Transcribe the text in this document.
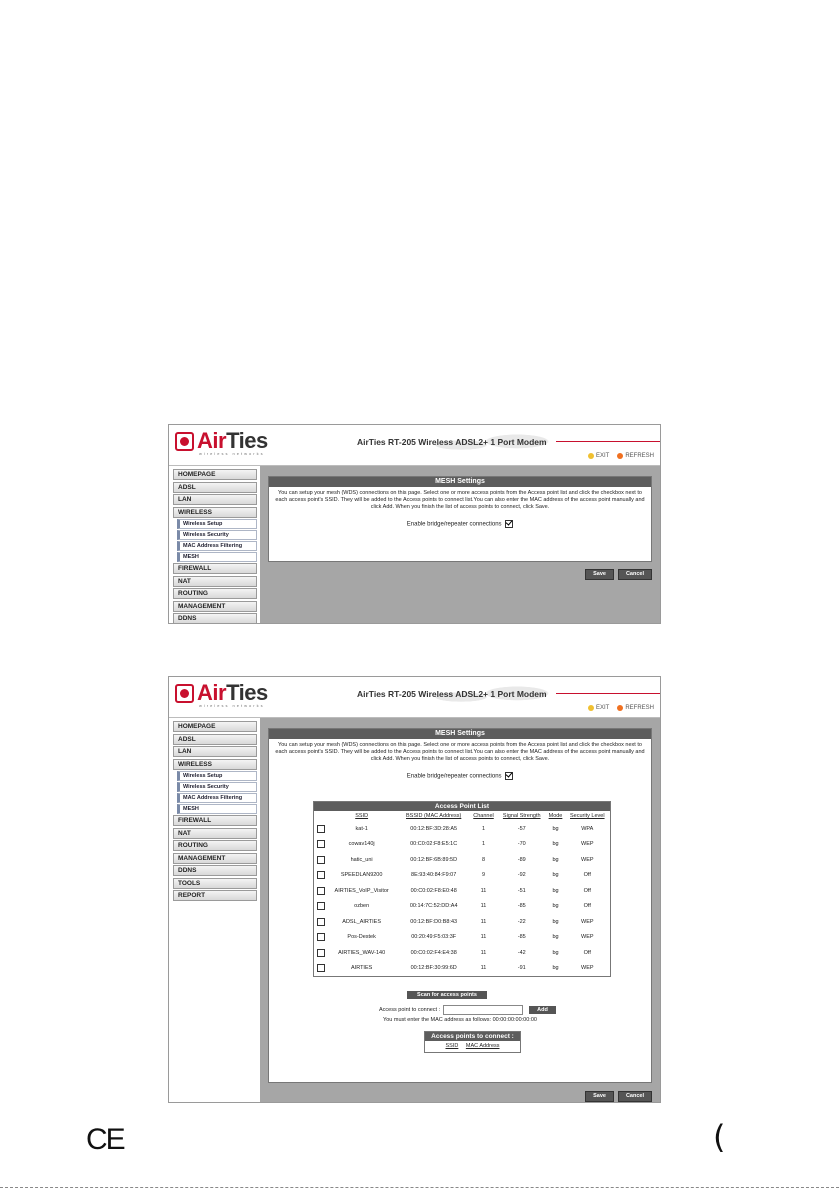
AirTies
wireless networks
AirTies RT-205 Wireless ADSL2+ 1 Port Modem
EXIT	REFRESH
HOMEPAGE
ADSL
LAN
WIRELESS
Wireless Setup
Wireless Security
MAC Address Filtering
MESH
FIREWALL
NAT
ROUTING
MANAGEMENT
DDNS
MESH Settings
You can setup your mesh (WDS) connections on this page. Select one or more access points from the Access point list and click the checkbox next to each access point's SSID. They will be added to the Access points to connect list.You can also enter the MAC address of the access point manually and click Add. When you finish the list of access points to connect, click Save.
Enable bridge/repeater connections
Save	Cancel
AirTies
wireless networks
AirTies RT-205 Wireless ADSL2+ 1 Port Modem
EXIT	REFRESH
HOMEPAGE
ADSL
LAN
WIRELESS
Wireless Setup
Wireless Security
MAC Address Filtering
MESH
FIREWALL
NAT
ROUTING
MANAGEMENT
DDNS
TOOLS
REPORT
MESH Settings
You can setup your mesh (WDS) connections on this page. Select one or more access points from the Access point list and click the checkbox next to each access point's SSID. They will be added to the Access points to connect list.You can also enter the MAC address of the access point manually and click Add. When you finish the list of access points to connect, click Save.
Enable bridge/repeater connections
Access Point List
	SSID	BSSID (MAC Address)	Channel	Signal Strength	Mode	Security Level
	kat-1	00:12:BF:3D:28:A5	1	-57	bg	WPA
	cowav140j	00:C0:02:F8:E5:1C	1	-70	bg	WEP
	hatic_uni	00:12:BF:6B:89:5D	8	-89	bg	WEP
	SPEEDLAN9200	8E:93:40:84:F9:07	9	-92	bg	Off
	AIRTIES_VoIP_Visitor	00:C0:02:F8:E0:48	11	-51	bg	Off
	ozben	00:14:7C:52:DD:A4	11	-85	bg	Off
	ADSL_AIRTIES	00:12:BF:D0:B8:43	11	-22	bg	WEP
	Pos-Destek	00:20:49:F5:03:3F	11	-85	bg	WEP
	AIRTIES_WAV-140	00:C0:02:F4:E4:38	11	-42	bg	Off
	AIRTIES	00:12:BF:30:99:6D	11	-91	bg	WEP
Scan for access points
Access point to connect :	Add
You must enter the MAC address as follows: 00:00:00:00:00:00
Access points to connect :
SSID MAC Address
Save	Cancel
CE	(
